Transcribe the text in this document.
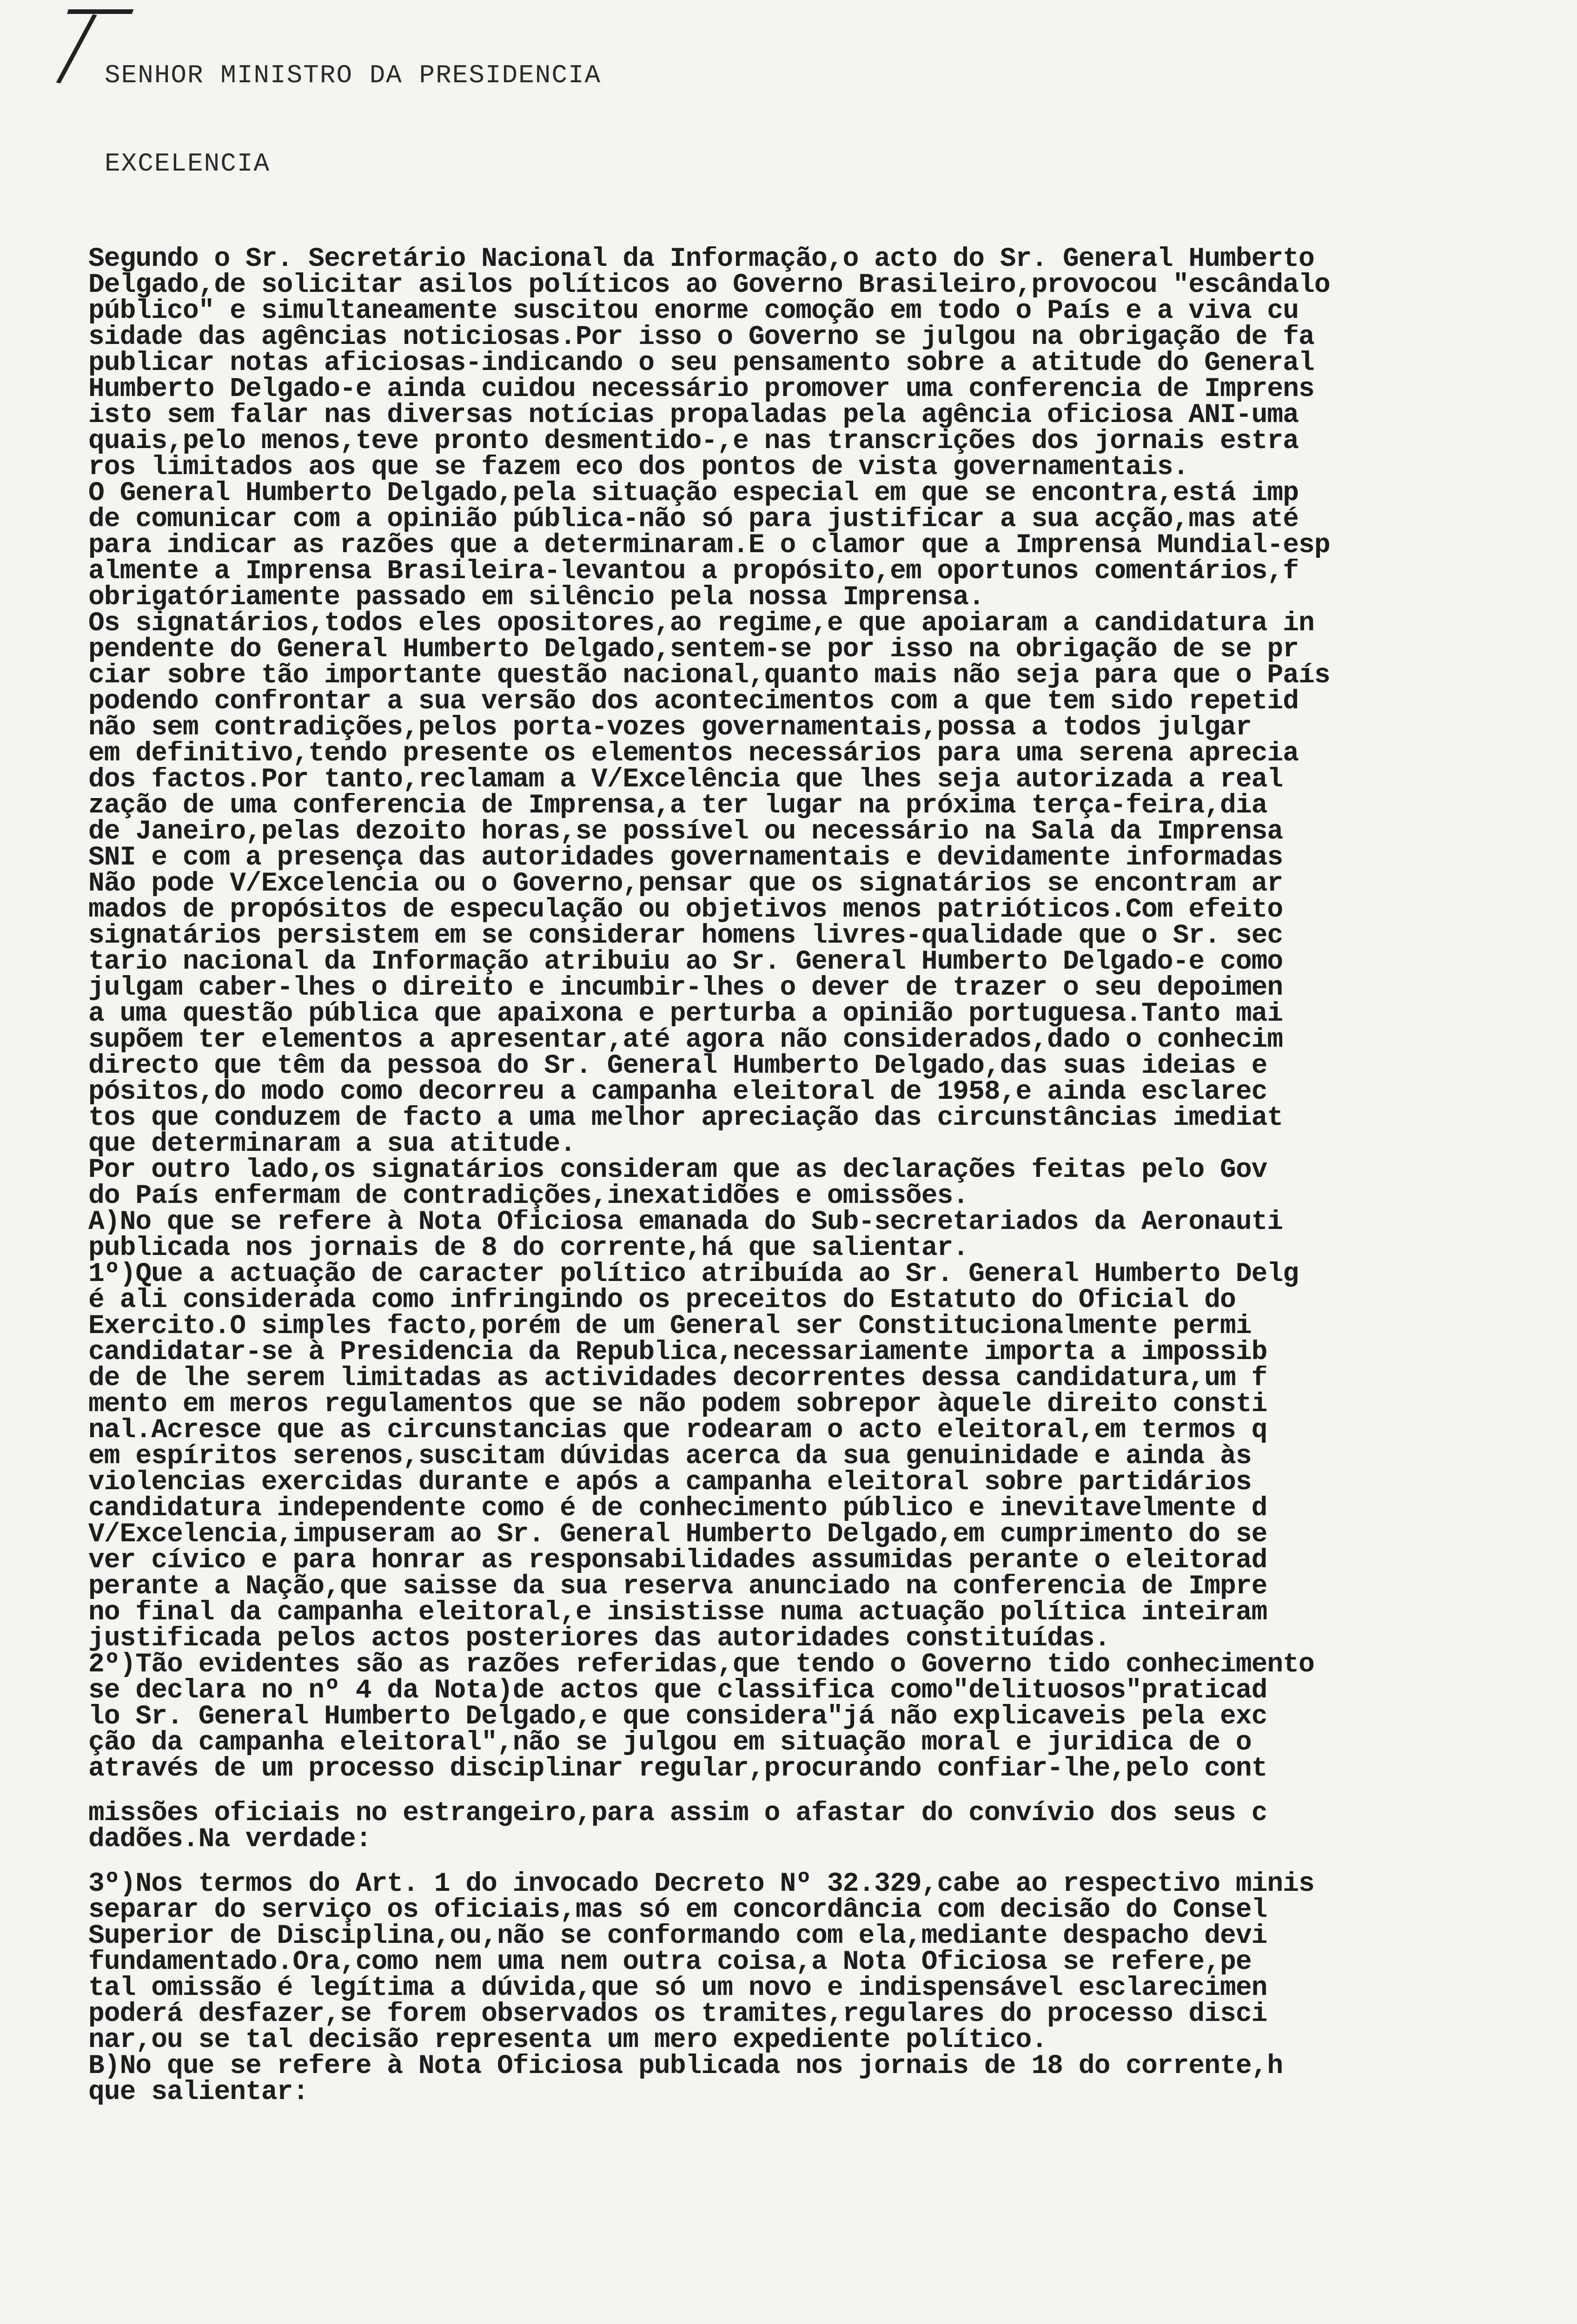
SENHOR MINISTRO DA PRESIDENCIA
EXCELENCIA
Segundo o Sr. Secretário Nacional da Informação,o acto do Sr. General Humberto
Delgado,de solicitar asilos políticos ao Governo Brasileiro,provocou "escândalo
público" e simultaneamente suscitou enorme comoção em todo o País e a viva cu
sidade das agências noticiosas.Por isso o Governo se julgou na obrigação de fa
publicar notas aficiosas-indicando o seu pensamento sobre a atitude do General
Humberto Delgado-e ainda cuidou necessário promover uma conferencia de Imprens
isto sem falar nas diversas notícias propaladas pela agência oficiosa ANI-uma
quais,pelo menos,teve pronto desmentido-,e nas transcrições dos jornais estra
ros limitados aos que se fazem eco dos pontos de vista governamentais.
O General Humberto Delgado,pela situação especial em que se encontra,está imp
de comunicar com a opinião pública-não só para justificar a sua acção,mas até
para indicar as razões que a determinaram.E o clamor que a Imprensa Mundial-esp
almente a Imprensa Brasileira-levantou a propósito,em oportunos comentários,f
obrigatóriamente passado em silêncio pela nossa Imprensa.
Os signatários,todos eles opositores,ao regime,e que apoiaram a candidatura in
pendente do General Humberto Delgado,sentem-se por isso na obrigação de se pr
ciar sobre tão importante questão nacional,quanto mais não seja para que o País
podendo confrontar a sua versão dos acontecimentos com a que tem sido repetid
não sem contradições,pelos porta-vozes governamentais,possa a todos julgar
em definitivo,tendo presente os elementos necessários para uma serena aprecia
dos factos.Por tanto,reclamam a V/Excelência que lhes seja autorizada a real
zação de uma conferencia de Imprensa,a ter lugar na próxima terça-feira,dia
de Janeiro,pelas dezoito horas,se possível ou necessário na Sala da Imprensa
SNI e com a presença das autoridades governamentais e devidamente informadas
Não pode V/Excelencia ou o Governo,pensar que os signatários se encontram ar
mados de propósitos de especulação ou objetivos menos patrióticos.Com efeito
signatários persistem em se considerar homens livres-qualidade que o Sr. sec
tario nacional da Informação atribuiu ao Sr. General Humberto Delgado-e como
julgam caber-lhes o direito e incumbir-lhes o dever de trazer o seu depoimen
a uma questão pública que apaixona e perturba a opinião portuguesa.Tanto mai
supõem ter elementos a apresentar,até agora não considerados,dado o conhecim
directo que têm da pessoa do Sr. General Humberto Delgado,das suas ideias e
pósitos,do modo como decorreu a campanha eleitoral de 1958,e ainda esclarec
tos que conduzem de facto a uma melhor apreciação das circunstâncias imediat
que determinaram a sua atitude.
Por outro lado,os signatários consideram que as declarações feitas pelo Gov
do País enfermam de contradições,inexatidões e omissões.
A)No que se refere à Nota Oficiosa emanada do Sub-secretariados da Aeronauti
publicada nos jornais de 8 do corrente,há que salientar.
1º)Que a actuação de caracter político atribuída ao Sr. General Humberto Delg
é ali considerada como infringindo os preceitos do Estatuto do Oficial do
Exercito.O simples facto,porém de um General ser Constitucionalmente permi
candidatar-se à Presidencia da Republica,necessariamente importa a impossib
de de lhe serem limitadas as actividades decorrentes dessa candidatura,um f
mento em meros regulamentos que se não podem sobrepor àquele direito consti
nal.Acresce que as circunstancias que rodearam o acto eleitoral,em termos q
em espíritos serenos,suscitam dúvidas acerca da sua genuinidade e ainda às
violencias exercidas durante e após a campanha eleitoral sobre partidários
candidatura independente como é de conhecimento público e inevitavelmente d
V/Excelencia,impuseram ao Sr. General Humberto Delgado,em cumprimento do se
ver cívico e para honrar as responsabilidades assumidas perante o eleitorad
perante a Nação,que saisse da sua reserva anunciado na conferencia de Impre
no final da campanha eleitoral,e insistisse numa actuação política inteiram
justificada pelos actos posteriores das autoridades constituídas.
2º)Tão evidentes são as razões referidas,que tendo o Governo tido conhecimento
se declara no nº 4 da Nota)de actos que classifica como"delituosos"praticad
lo Sr. General Humberto Delgado,e que considera"já não explicaveis pela exc
ção da campanha eleitoral",não se julgou em situação moral e juridica de o
através de um processo disciplinar regular,procurando confiar-lhe,pelo cont
missões oficiais no estrangeiro,para assim o afastar do convívio dos seus c
dadões.Na verdade:
3º)Nos termos do Art. 1 do invocado Decreto Nº 32.329,cabe ao respectivo minis
separar do serviço os oficiais,mas só em concordância com decisão do Consel
Superior de Disciplina,ou,não se conformando com ela,mediante despacho devi
fundamentado.Ora,como nem uma nem outra coisa,a Nota Oficiosa se refere,pe
tal omissão é legítima a dúvida,que só um novo e indispensável esclarecimen
poderá desfazer,se forem observados os tramites,regulares do processo disci
nar,ou se tal decisão representa um mero expediente político.
B)No que se refere à Nota Oficiosa publicada nos jornais de 18 do corrente,h
que salientar:
